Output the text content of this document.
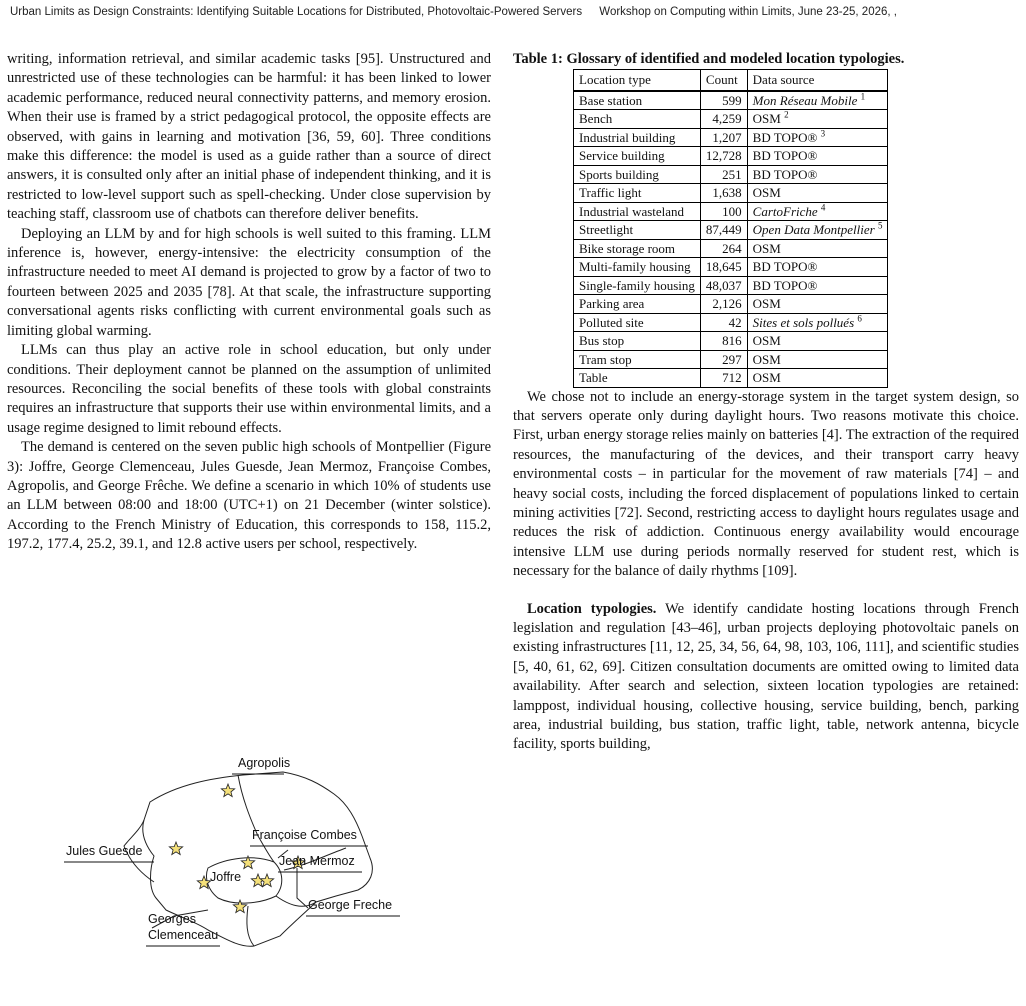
Urban Limits as Design Constraints: Identifying Suitable Locations for Distributed, Photovoltaic-Powered Servers Workshop on Computing within Limits, June 23-25, 2026, ,

writing, information retrieval, and similar academic tasks [95]. Unstructured and unrestricted use of these technologies can be harmful: it has been linked to lower academic performance, reduced neural connectivity patterns, and memory erosion. When their use is framed by a strict pedagogical protocol, the opposite effects are observed, with gains in learning and motivation [36, 59, 60]. Three conditions make this difference: the model is used as a guide rather than a source of direct answers, it is consulted only after an initial phase of independent thinking, and it is restricted to low-level support such as spell-checking. Under close supervision by teaching staff, classroom use of chatbots can therefore deliver benefits.

Deploying an LLM by and for high schools is well suited to this framing. LLM inference is, however, energy-intensive: the electricity consumption of the infrastructure needed to meet AI demand is projected to grow by a factor of two to fourteen between 2025 and 2035 [78]. At that scale, the infrastructure supporting conversational agents risks conflicting with current environmental goals such as limiting global warming.

LLMs can thus play an active role in school education, but only under conditions. Their deployment cannot be planned on the assumption of unlimited resources. Reconciling the social benefits of these tools with global constraints requires an infrastructure that supports their use within environmental limits, and a usage regime designed to limit rebound effects.

The demand is centered on the seven public high schools of Montpellier (Figure 3): Joffre, George Clemenceau, Jules Guesde, Jean Mermoz, Françoise Combes, Agropolis, and George Frêche. We define a scenario in which 10% of students use an LLM between 08:00 and 18:00 (UTC+1) on 21 December (winter solstice). According to the French Ministry of Education, this corresponds to 158, 115.2, 197.2, 177.4, 25.2, 39.1, and 12.8 active users per school, respectively.

Agropolis
Françoise Combes
Jules Guesde
Jean Mermoz
Joffre
Georges
Clemenceau
George Freche

Table 1: Glossary of identified and modeled location typologies.

Location type	Count	Data source
Base station	599	Mon Réseau Mobile $^1$
Bench	4,259	OSM $^2$
Industrial building	1,207	BD TOPO® $^3$
Service building	12,728	BD TOPO®
Sports building	251	BD TOPO®
Traffic light	1,638	OSM
Industrial wasteland	100	CartoFriche $^4$
Streetlight	87,449	Open Data Montpellier $^5$
Bike storage room	264	OSM
Multi-family housing	18,645	BD TOPO®
Single-family housing	48,037	BD TOPO®
Parking area	2,126	OSM
Polluted site	42	Sites et sols pollués $^6$
Bus stop	816	OSM
Tram stop	297	OSM
Table	712	OSM

We chose not to include an energy-storage system in the target system design, so that servers operate only during daylight hours. Two reasons motivate this choice. First, urban energy storage relies mainly on batteries [4]. The extraction of the required resources, the manufacturing of the devices, and their transport carry heavy environmental costs – in particular for the movement of raw materials [74] – and heavy social costs, including the forced displacement of populations linked to certain mining activities [72]. Second, restricting access to daylight hours regulates usage and reduces the risk of addiction. Continuous energy availability would encourage intensive LLM use during periods normally reserved for student rest, which is necessary for the balance of daily rhythms [109].

Location typologies. We identify candidate hosting locations through French legislation and regulation [43–46], urban projects deploying photovoltaic panels on existing infrastructures [11, 12, 25, 34, 56, 64, 98, 103, 106, 111], and scientific studies [5, 40, 61, 62, 69]. Citizen consultation documents are omitted owing to limited data availability. After search and selection, sixteen location typologies are retained: lamppost, individual housing, collective housing, service building, bench, parking area, industrial building, bus station, traffic light, table, network antenna, bicycle facility, sports building,
